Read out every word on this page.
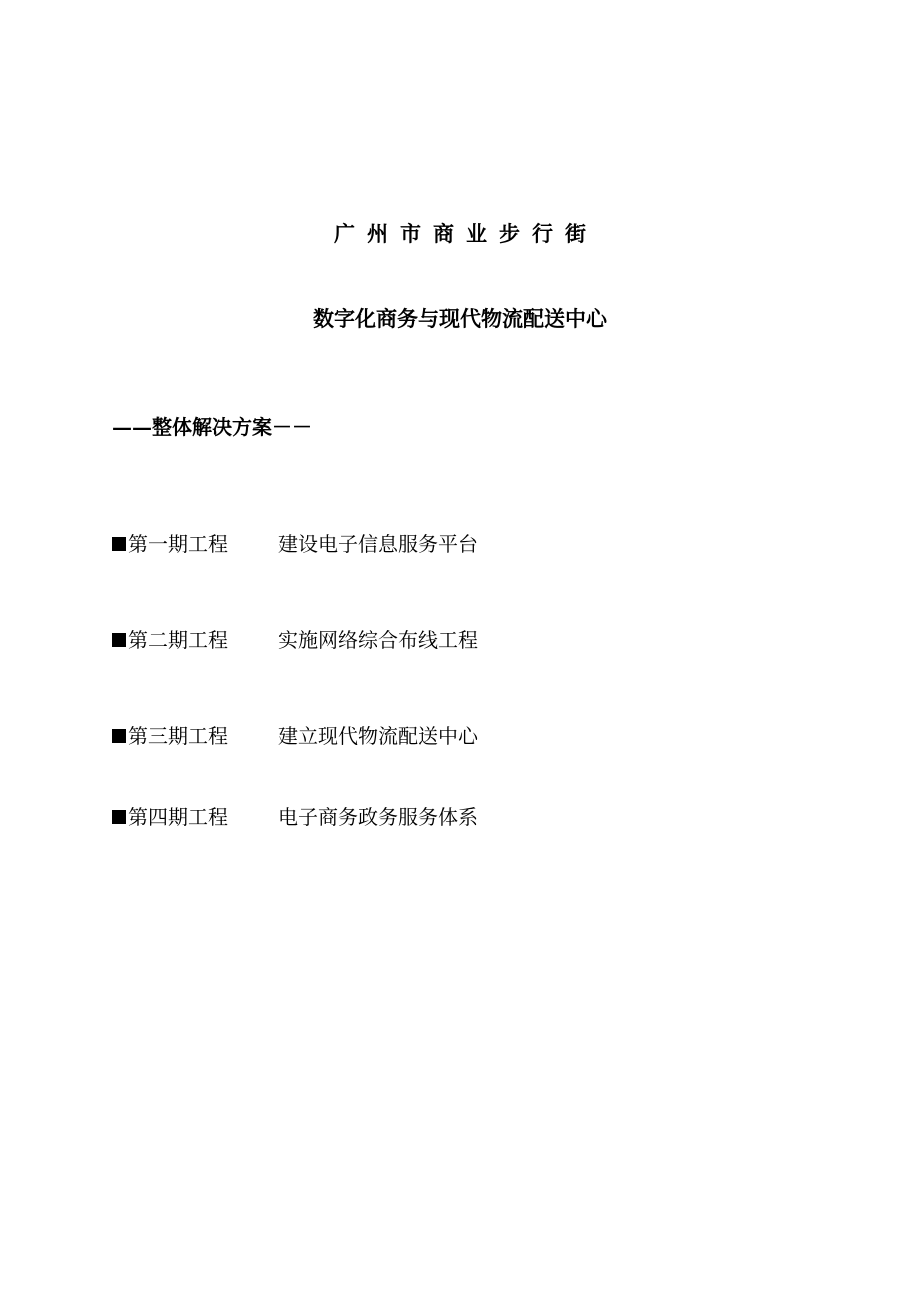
广州市商业步行街
数字化商务与现代物流配送中心

——整体解决方案－－

第一期工程	建设电子信息服务平台
第二期工程	实施网络综合布线工程
第三期工程	建立现代物流配送中心
第四期工程	电子商务政务服务体系
